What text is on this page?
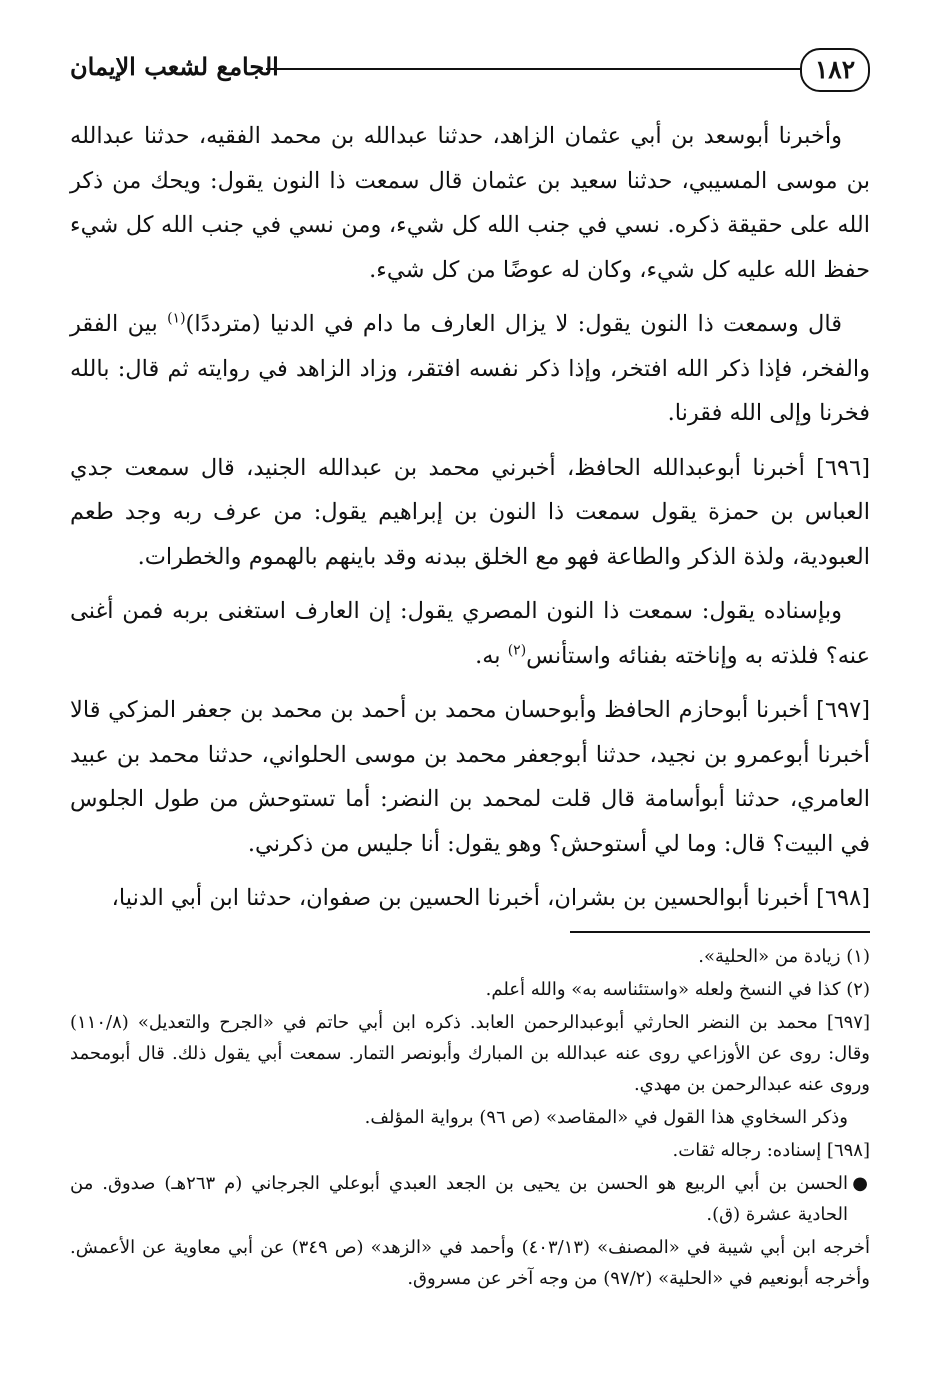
١٨٢
الجامع لشعب الإيمان

وأخبرنا أبوسعد بن أبي عثمان الزاهد، حدثنا عبدالله بن محمد الفقيه، حدثنا عبدالله بن موسى المسيبي، حدثنا سعيد بن عثمان قال سمعت ذا النون يقول: ويحك من ذكر الله على حقيقة ذكره. نسي في جنب الله كل شيء، ومن نسي في جنب الله كل شيء حفظ الله عليه كل شيء، وكان له عوضًا من كل شيء.

قال وسمعت ذا النون يقول: لا يزال العارف ما دام في الدنيا (مترددًا)$^{(١)}$ بين الفقر والفخر، فإذا ذكر الله افتخر، وإذا ذكر نفسه افتقر، وزاد الزاهد في روايته ثم قال: بالله فخرنا وإلى الله فقرنا.

[٦٩٦] أخبرنا أبوعبدالله الحافظ، أخبرني محمد بن عبدالله الجنيد، قال سمعت جدي العباس بن حمزة يقول سمعت ذا النون بن إبراهيم يقول: من عرف ربه وجد طعم العبودية، ولذة الذكر والطاعة فهو مع الخلق ببدنه وقد باينهم بالهموم والخطرات.

وبإسناده يقول: سمعت ذا النون المصري يقول: إن العارف استغنى بربه فمن أغنى عنه؟ فلذته به وإناخته بفنائه واستأنس$^{(٢)}$ به.

[٦٩٧] أخبرنا أبوحازم الحافظ وأبوحسان محمد بن أحمد بن محمد بن جعفر المزكي قالا أخبرنا أبوعمرو بن نجيد، حدثنا أبوجعفر محمد بن موسى الحلواني، حدثنا محمد بن عبيد العامري، حدثنا أبوأسامة قال قلت لمحمد بن النضر: أما تستوحش من طول الجلوس في البيت؟ قال: وما لي أستوحش؟ وهو يقول: أنا جليس من ذكرني.

[٦٩٨] أخبرنا أبوالحسين بن بشران، أخبرنا الحسين بن صفوان، حدثنا ابن أبي الدنيا،

(١) زيادة من «الحلية».

(٢) كذا في النسخ ولعله «واستئناسه به» والله أعلم.

[٦٩٧] محمد بن النضر الحارثي أبوعبدالرحمن العابد. ذكره ابن أبي حاتم في «الجرح والتعديل» (١١٠/٨) وقال: روى عن الأوزاعي روى عنه عبدالله بن المبارك وأبونصر التمار. سمعت أبي يقول ذلك. قال أبومحمد وروى عنه عبدالرحمن بن مهدي.

وذكر السخاوي هذا القول في «المقاصد» (ص ٩٦) برواية المؤلف.

[٦٩٨] إسناده: رجاله ثقات.

●
الحسن بن أبي الربيع هو الحسن بن يحيى بن الجعد العبدي أبوعلي الجرجاني (م ٢٦٣هـ) صدوق. من الحادية عشرة (ق).

أخرجه ابن أبي شيبة في «المصنف» (٤٠٣/١٣) وأحمد في «الزهد» (ص ٣٤٩) عن أبي معاوية عن الأعمش. وأخرجه أبونعيم في «الحلية» (٩٧/٢) من وجه آخر عن مسروق.
